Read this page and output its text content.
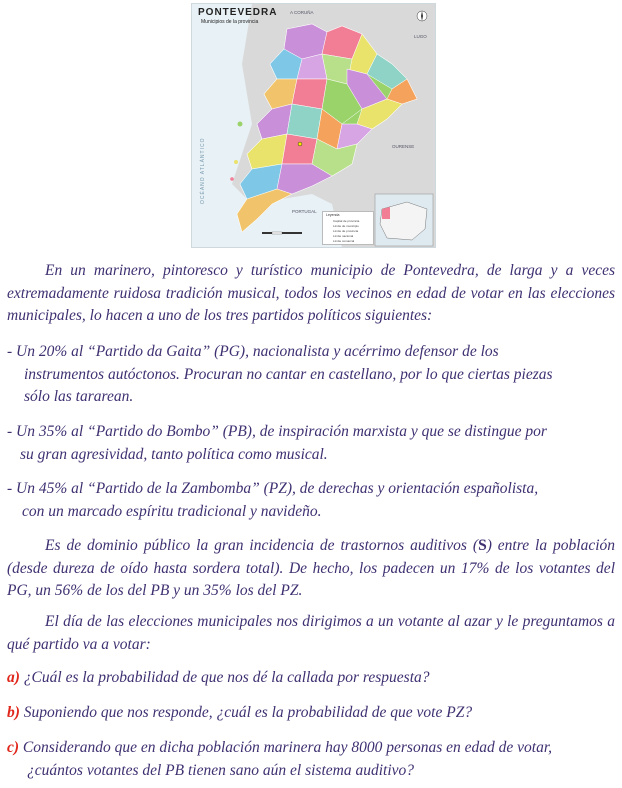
PONTEVEDRA
Municipios de la provincia
OCÉANO ATLÁNTICO
A CORUÑA
LUGO
OURENSE
PORTUGAL
Leyenda
Capital de provincia
Límite de municipio
Límite de provincia
Límite nacional
Límite comarcal

En un marinero, pintoresco y turístico municipio de Pontevedra, de larga y a veces extremadamente ruidosa tradición musical, todos los vecinos en edad de votar en las elecciones municipales, lo hacen a uno de los tres partidos políticos siguientes:

- Un 20% al “Partido da Gaita” (PG), nacionalista y acérrimo defensor de los
instrumentos autóctonos. Procuran no cantar en castellano, por lo que ciertas piezas
sólo las tararean.
- Un 35% al “Partido do Bombo” (PB), de inspiración marxista y que se distingue por
su gran agresividad, tanto política como musical.
- Un 45% al “Partido de la Zambomba” (PZ), de derechas y orientación españolista,
con un marcado espíritu tradicional y navideño.

Es de dominio público la gran incidencia de trastornos auditivos (S) entre la población (desde dureza de oído hasta sordera total). De hecho, los padecen un 17% de los votantes del PG, un 56% de los del PB y un 35% los del PZ.

El día de las elecciones municipales nos dirigimos a un votante al azar y le preguntamos a qué partido va a votar:

a) ¿Cuál es la probabilidad de que nos dé la callada por respuesta?

b) Suponiendo que nos responde, ¿cuál es la probabilidad de que vote PZ?

c) Considerando que en dicha población marinera hay 8000 personas en edad de votar,
¿cuántos votantes del PB tienen sano aún el sistema auditivo?
